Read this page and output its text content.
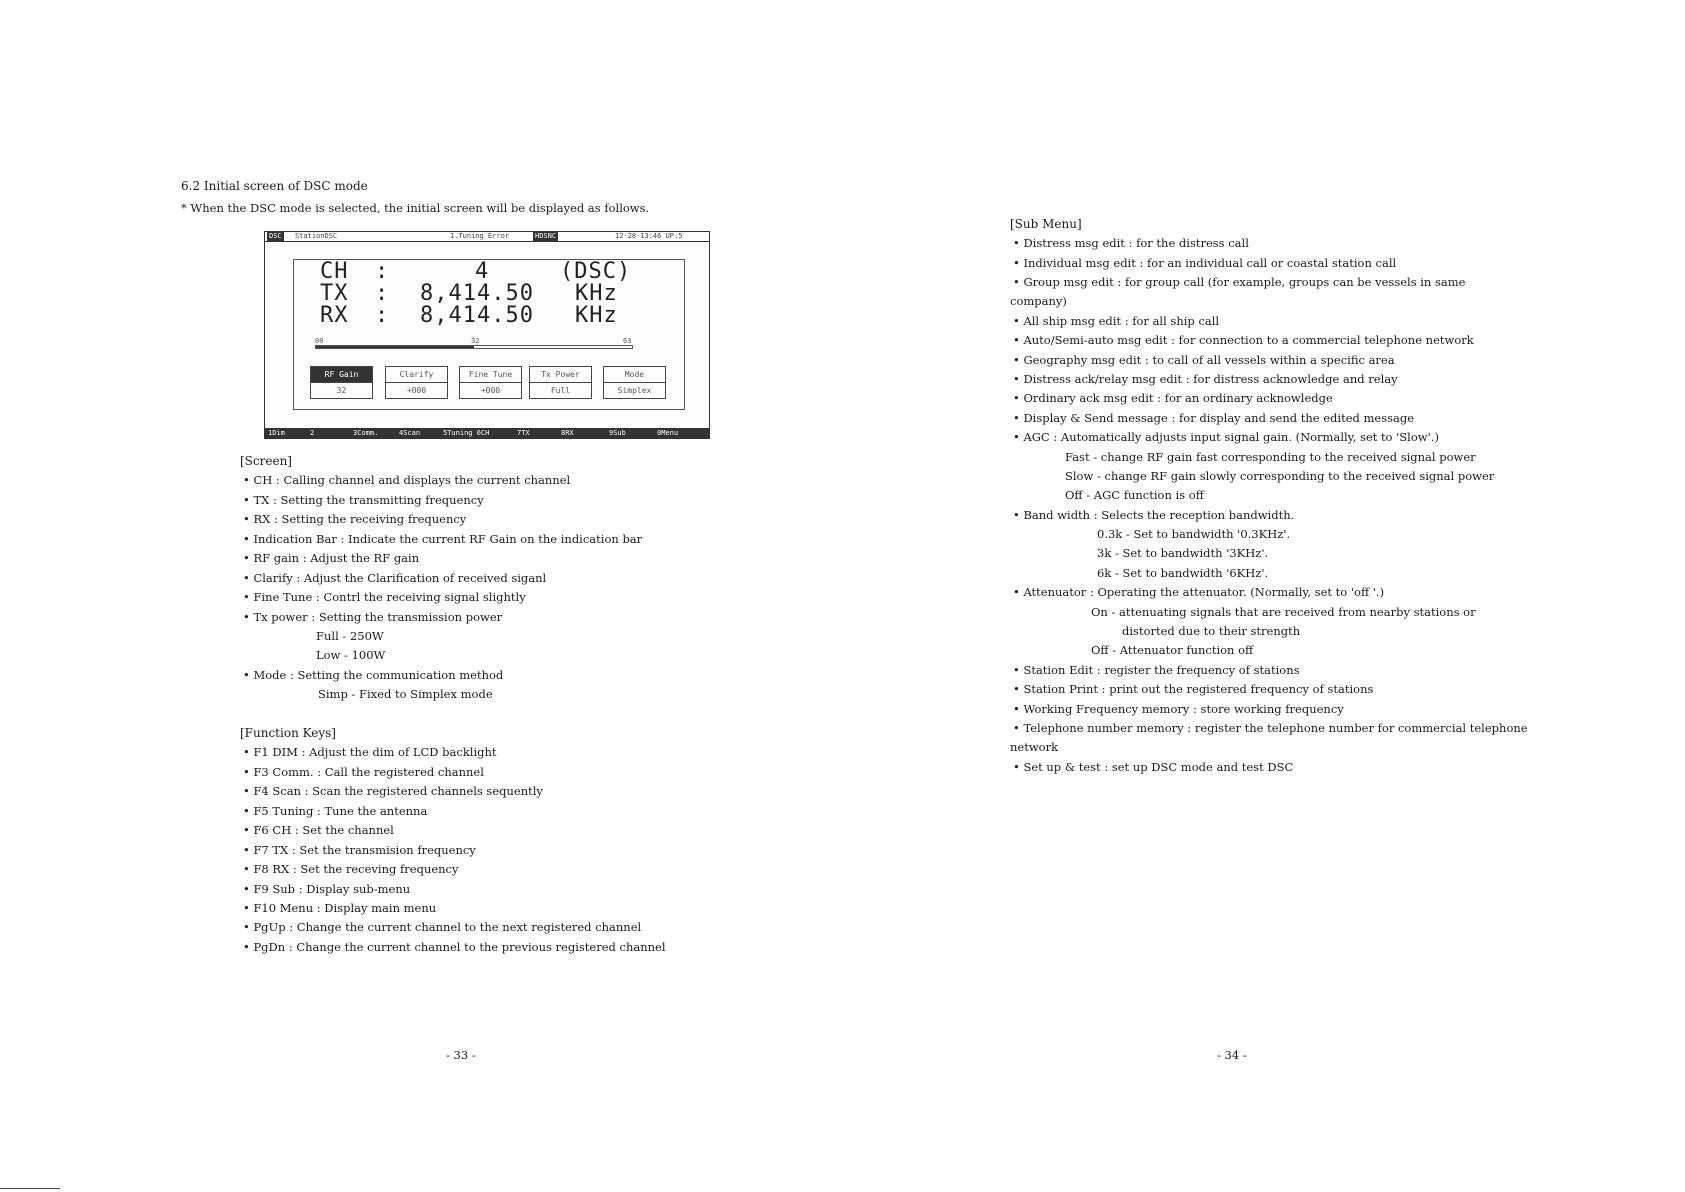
6.2 Initial screen of DSC mode
* When the DSC mode is selected, the initial screen will be displayed as follows.
DSC StationDSC	1.Tuning Error	HDSNC	12-28-13:46 UP:5
CH :	4	(DSC)
TX : 8,414.50 KHz
RX : 8,414.50 KHz
00	32	63
RF Gain
32
Clarify
+000
Fine Tune
+000
Tx Power
Full
Mode
Simplex
1Dim	2	3Comm.	4Scan	5Tuning 6CH	7TX	8RX	9Sub	0Menu
[Screen]
• CH : Calling channel and displays the current channel
• TX : Setting the transmitting frequency
• RX : Setting the receiving frequency
• Indication Bar : Indicate the current RF Gain on the indication bar
• RF gain : Adjust the RF gain
• Clarify : Adjust the Clarification of received siganl
• Fine Tune : Contrl the receiving signal slightly
• Tx power : Setting the transmission power
Full - 250W
Low - 100W
• Mode : Setting the communication method
Simp - Fixed to Simplex mode
[Function Keys]
• F1 DIM : Adjust the dim of LCD backlight
• F3 Comm. : Call the registered channel
• F4 Scan : Scan the registered channels sequently
• F5 Tuning : Tune the antenna
• F6 CH : Set the channel
• F7 TX : Set the transmision frequency
• F8 RX : Set the receving frequency
• F9 Sub : Display sub-menu
• F10 Menu : Display main menu
• PgUp : Change the current channel to the next registered channel
• PgDn : Change the current channel to the previous registered channel
- 33 -
[Sub Menu]
• Distress msg edit : for the distress call
• Individual msg edit : for an individual call or coastal station call
• Group msg edit : for group call (for example, groups can be vessels in same
company)
• All ship msg edit : for all ship call
• Auto/Semi-auto msg edit : for connection to a commercial telephone network
• Geography msg edit : to call of all vessels within a specific area
• Distress ack/relay msg edit : for distress acknowledge and relay
• Ordinary ack msg edit : for an ordinary acknowledge
• Display & Send message : for display and send the edited message
• AGC : Automatically adjusts input signal gain. (Normally, set to 'Slow'.)
Fast - change RF gain fast corresponding to the received signal power
Slow - change RF gain slowly corresponding to the received signal power
Off - AGC function is off
• Band width : Selects the reception bandwidth.
0.3k - Set to bandwidth '0.3KHz'.
3k - Set to bandwidth '3KHz'.
6k - Set to bandwidth '6KHz'.
• Attenuator : Operating the attenuator. (Normally, set to 'off '.)
On - attenuating signals that are received from nearby stations or
distorted due to their strength
Off - Attenuator function off
• Station Edit : register the frequency of stations
• Station Print : print out the registered frequency of stations
• Working Frequency memory : store working frequency
• Telephone number memory : register the telephone number for commercial telephone
network
• Set up & test : set up DSC mode and test DSC
- 34 -
